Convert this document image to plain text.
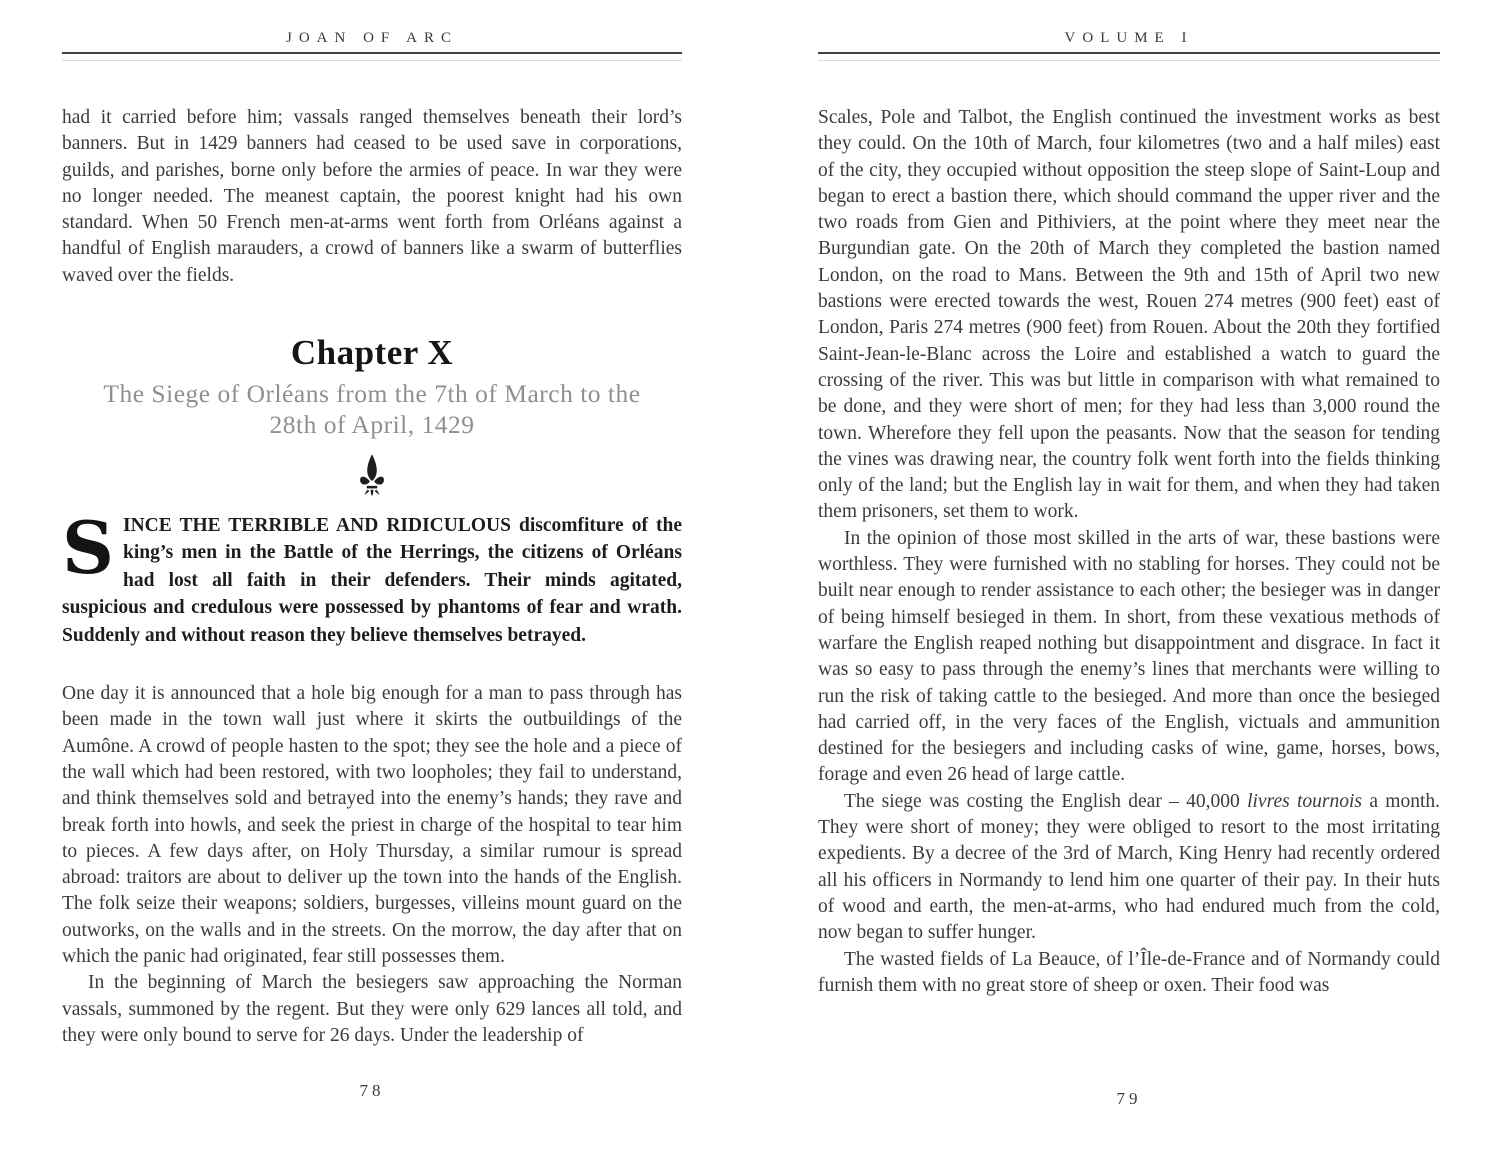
JOAN OF ARC

had it carried before him; vassals ranged themselves beneath their lord’s banners. But in 1429 banners had ceased to be used save in corporations, guilds, and parishes, borne only before the armies of peace. In war they were no longer needed. The meanest captain, the poorest knight had his own standard. When 50 French men-at-arms went forth from Orléans against a handful of English marauders, a crowd of banners like a swarm of butterflies waved over the fields.

Chapter X
The Siege of Orléans from the 7th of March to the
28th of April, 1429

SINCE THE TERRIBLE AND RIDICULOUS discomfiture of the king’s men in the Battle of the Herrings, the citizens of Orléans had lost all faith in their defenders. Their minds agitated, suspicious and credulous were possessed by phantoms of fear and wrath. Suddenly and without reason they believe themselves betrayed.

One day it is announced that a hole big enough for a man to pass through has been made in the town wall just where it skirts the outbuildings of the Aumône. A crowd of people hasten to the spot; they see the hole and a piece of the wall which had been restored, with two loopholes; they fail to understand, and think themselves sold and betrayed into the enemy’s hands; they rave and break forth into howls, and seek the priest in charge of the hospital to tear him to pieces. A few days after, on Holy Thursday, a similar rumour is spread abroad: traitors are about to deliver up the town into the hands of the English. The folk seize their weapons; soldiers, burgesses, villeins mount guard on the outworks, on the walls and in the streets. On the morrow, the day after that on which the panic had originated, fear still possesses them.

In the beginning of March the besiegers saw approaching the Norman vassals, summoned by the regent. But they were only 629 lances all told, and they were only bound to serve for 26 days. Under the leadership of

78
VOLUME I

Scales, Pole and Talbot, the English continued the investment works as best they could. On the 10th of March, four kilometres (two and a half miles) east of the city, they occupied without opposition the steep slope of Saint-Loup and began to erect a bastion there, which should command the upper river and the two roads from Gien and Pithiviers, at the point where they meet near the Burgundian gate. On the 20th of March they completed the bastion named London, on the road to Mans. Between the 9th and 15th of April two new bastions were erected towards the west, Rouen 274 metres (900 feet) east of London, Paris 274 metres (900 feet) from Rouen. About the 20th they fortified Saint-Jean-le-Blanc across the Loire and established a watch to guard the crossing of the river. This was but little in comparison with what remained to be done, and they were short of men; for they had less than 3,000 round the town. Wherefore they fell upon the peasants. Now that the season for tending the vines was drawing near, the country folk went forth into the fields thinking only of the land; but the English lay in wait for them, and when they had taken them prisoners, set them to work.

In the opinion of those most skilled in the arts of war, these bastions were worthless. They were furnished with no stabling for horses. They could not be built near enough to render assistance to each other; the besieger was in danger of being himself besieged in them. In short, from these vexatious methods of warfare the English reaped nothing but disappointment and disgrace. In fact it was so easy to pass through the enemy’s lines that merchants were willing to run the risk of taking cattle to the besieged. And more than once the besieged had carried off, in the very faces of the English, victuals and ammunition destined for the besiegers and including casks of wine, game, horses, bows, forage and even 26 head of large cattle.

The siege was costing the English dear – 40,000 livres tournois a month. They were short of money; they were obliged to resort to the most irritating expedients. By a decree of the 3rd of March, King Henry had recently ordered all his officers in Normandy to lend him one quarter of their pay. In their huts of wood and earth, the men-at-arms, who had endured much from the cold, now began to suffer hunger.

The wasted fields of La Beauce, of l’Île-de-France and of Normandy could furnish them with no great store of sheep or oxen. Their food was

79
